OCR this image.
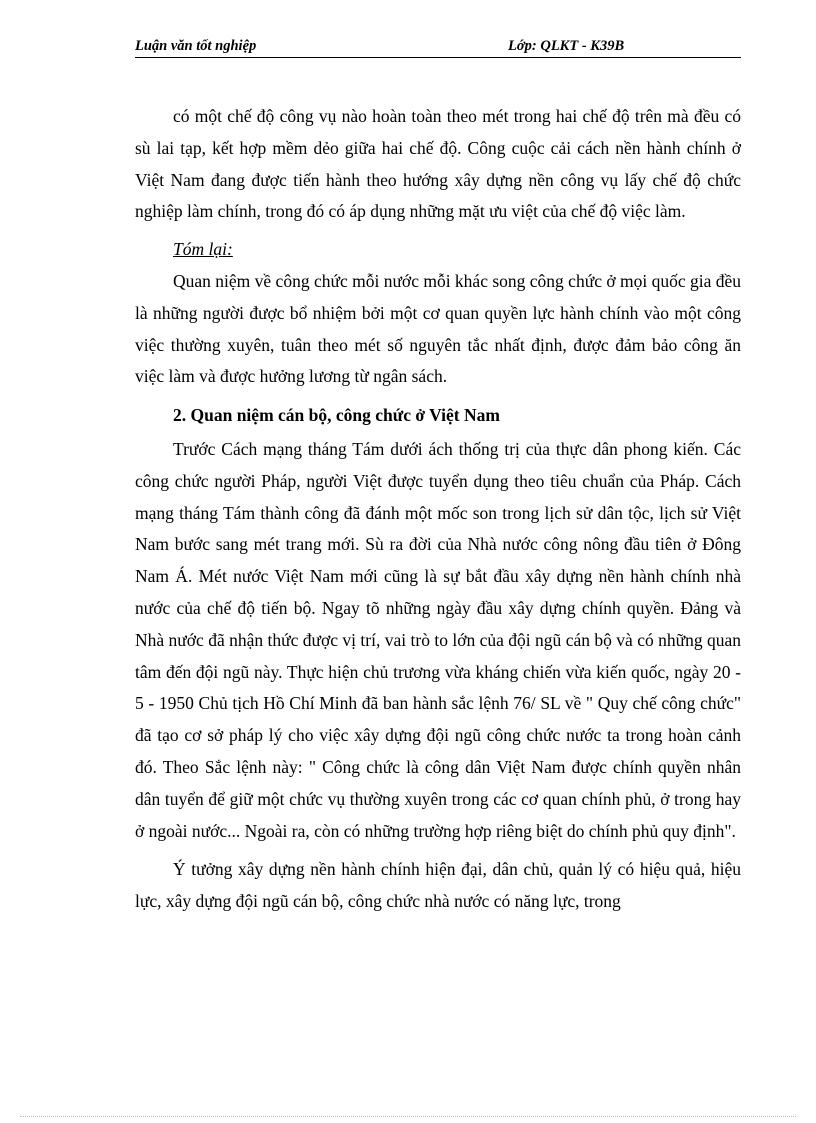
Luận văn tốt nghiệp	Lớp: QLKT - K39B

có một chế độ công vụ nào hoàn toàn theo mét trong hai chế độ trên mà đều có sù lai tạp, kết hợp mềm dẻo giữa hai chế độ. Công cuộc cải cách nền hành chính ở Việt Nam đang được tiến hành theo hướng xây dựng nền công vụ lấy chế độ chức nghiệp làm chính, trong đó có áp dụng những mặt ưu việt của chế độ việc làm.

Tóm lại:

Quan niệm về công chức mỗi nước mỗi khác song công chức ở mọi quốc gia đều là những người được bổ nhiệm bởi một cơ quan quyền lực hành chính vào một công việc thường xuyên, tuân theo mét số nguyên tắc nhất định, được đảm bảo công ăn việc làm và được hưởng lương từ ngân sách.

2. Quan niệm cán bộ, công chức ở Việt Nam

Trước Cách mạng tháng Tám dưới ách thống trị của thực dân phong kiến. Các công chức người Pháp, người Việt được tuyển dụng theo tiêu chuẩn của Pháp. Cách mạng tháng Tám thành công đã đánh một mốc son trong lịch sử dân tộc, lịch sử Việt Nam bước sang mét trang mới. Sù ra đời của Nhà nước công nông đầu tiên ở Đông Nam Á. Mét nước Việt Nam mới cũng là sự bắt đầu xây dựng nền hành chính nhà nước của chế độ tiến bộ. Ngay tõ những ngày đầu xây dựng chính quyền. Đảng và Nhà nước đã nhận thức được vị trí, vai trò to lớn của đội ngũ cán bộ và có những quan tâm đến đội ngũ này. Thực hiện chủ trương vừa kháng chiến vừa kiến quốc, ngày 20 - 5 - 1950 Chủ tịch Hồ Chí Minh đã ban hành sắc lệnh 76/ SL về " Quy chế công chức" đã tạo cơ sở pháp lý cho việc xây dựng đội ngũ công chức nước ta trong hoàn cảnh đó. Theo Sắc lệnh này: " Công chức là công dân Việt Nam được chính quyền nhân dân tuyển để giữ một chức vụ thường xuyên trong các cơ quan chính phủ, ở trong hay ở ngoài nước... Ngoài ra, còn có những trường hợp riêng biệt do chính phủ quy định".

Ý tưởng xây dựng nền hành chính hiện đại, dân chủ, quản lý có hiệu quả, hiệu lực, xây dựng đội ngũ cán bộ, công chức nhà nước có năng lực, trong
